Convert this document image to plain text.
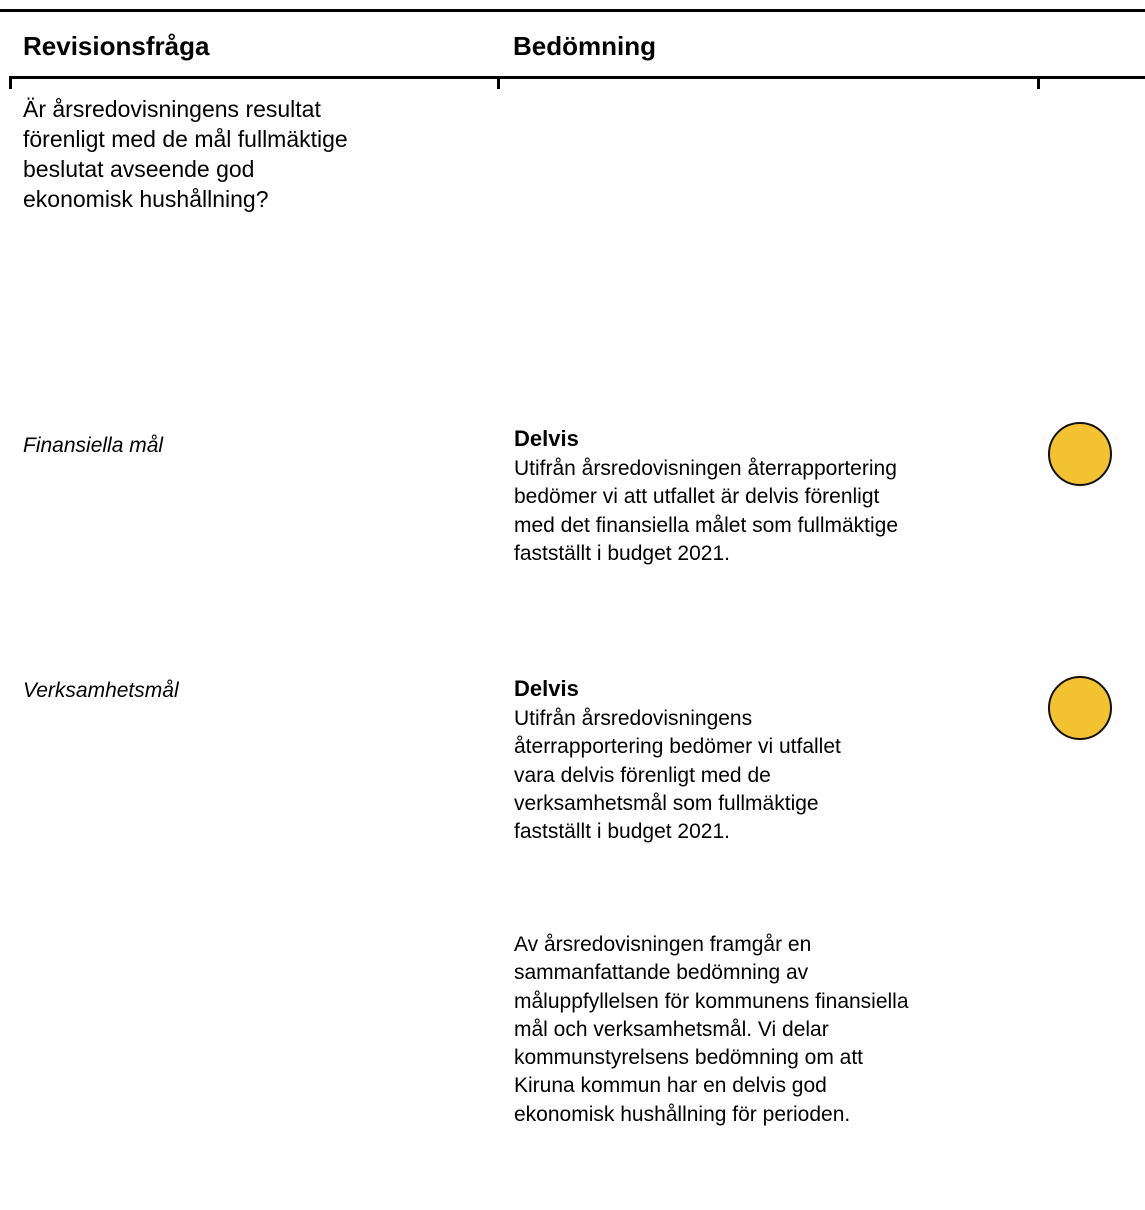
Revisionsfråga	Bedömning
Är årsredovisningens resultat förenligt med de mål fullmäktige beslutat avseende god ekonomisk hushållning?
Finansiella mål	Delvis
Utifrån årsredovisningen återrapportering bedömer vi att utfallet är delvis förenligt med det finansiella målet som fullmäktige fastställt i budget 2021.
Verksamhetsmål	Delvis
Utifrån årsredovisningens återrapportering bedömer vi utfallet vara delvis förenligt med de verksamhetsmål som fullmäktige fastställt i budget 2021.
Av årsredovisningen framgår en sammanfattande bedömning av måluppfyllelsen för kommunens finansiella mål och verksamhetsmål. Vi delar kommunstyrelsens bedömning om att Kiruna kommun har en delvis god ekonomisk hushållning för perioden.
